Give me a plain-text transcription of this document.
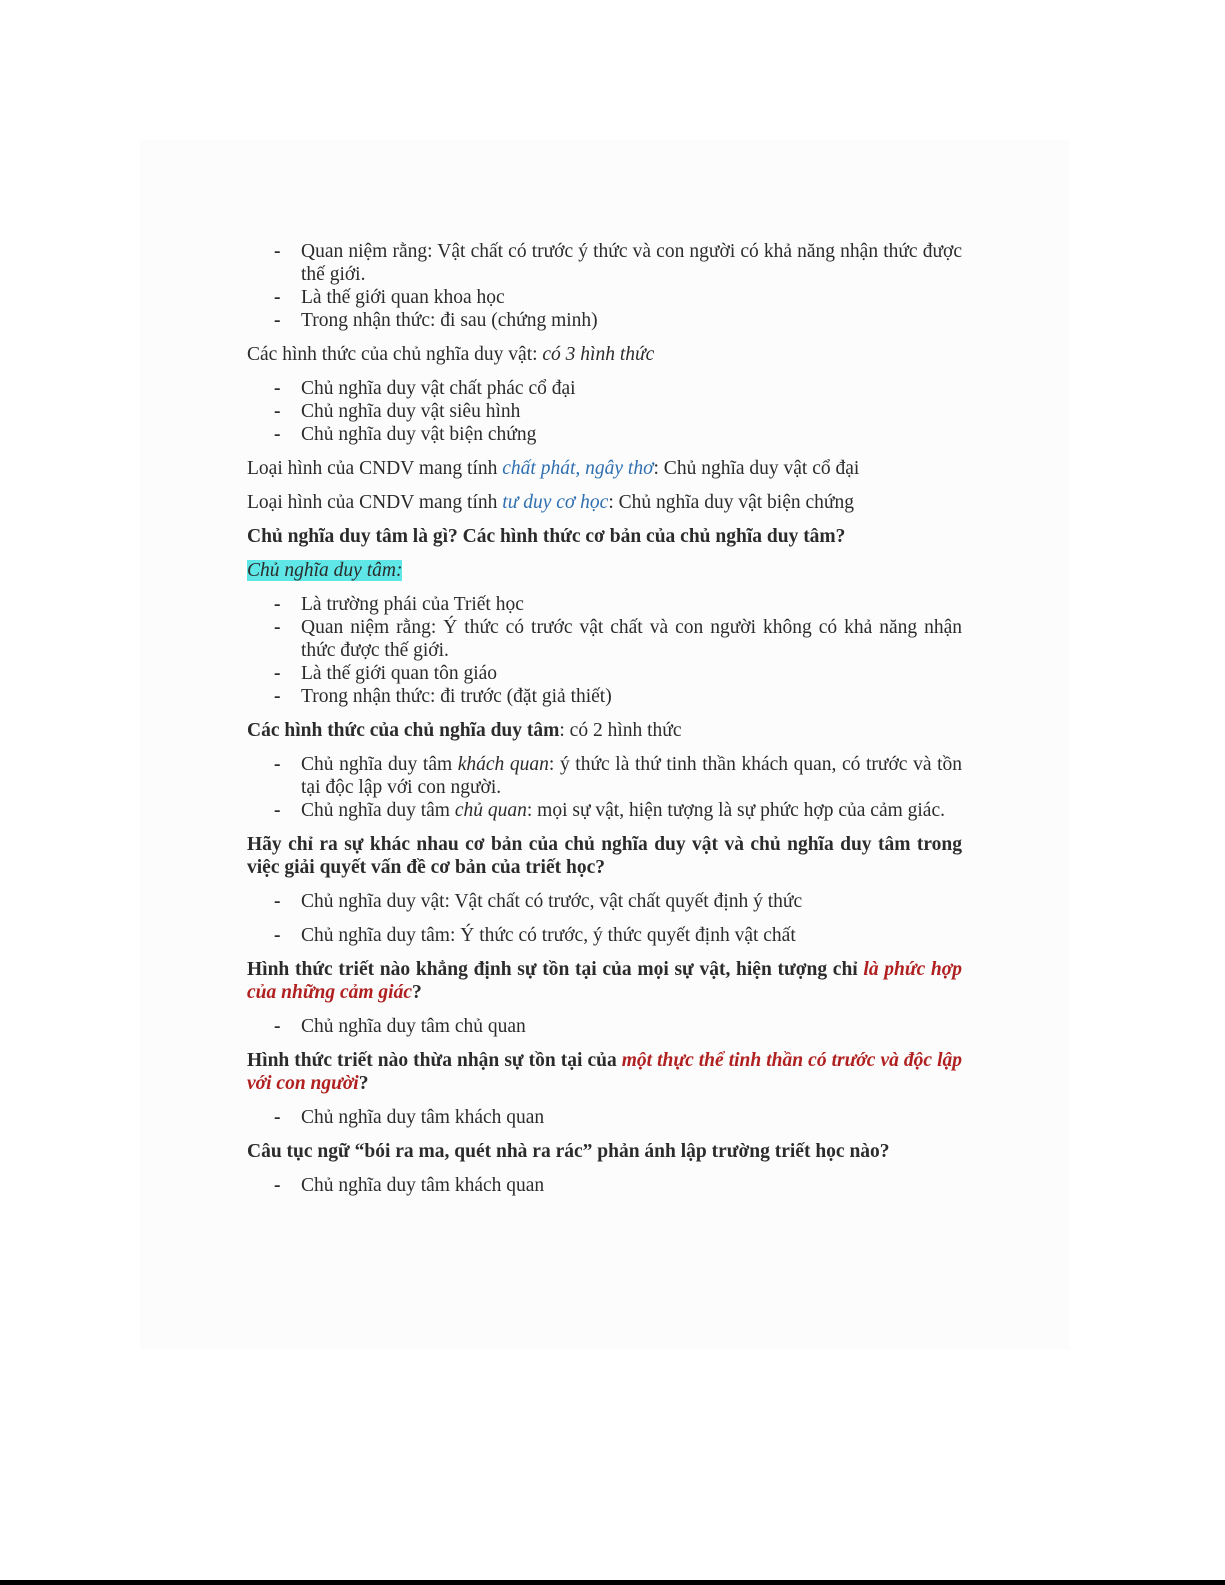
- Quan niệm rằng: Vật chất có trước ý thức và con người có khả năng nhận thức được thế giới.
- Là thế giới quan khoa học
- Trong nhận thức: đi sau (chứng minh)

Các hình thức của chủ nghĩa duy vật: có 3 hình thức

- Chủ nghĩa duy vật chất phác cổ đại
- Chủ nghĩa duy vật siêu hình
- Chủ nghĩa duy vật biện chứng

Loại hình của CNDV mang tính chất phát, ngây thơ: Chủ nghĩa duy vật cổ đại

Loại hình của CNDV mang tính tư duy cơ học: Chủ nghĩa duy vật biện chứng

Chủ nghĩa duy tâm là gì? Các hình thức cơ bản của chủ nghĩa duy tâm?

Chủ nghĩa duy tâm:

- Là trường phái của Triết học
- Quan niệm rằng: Ý thức có trước vật chất và con người không có khả năng nhận thức được thế giới.
- Là thế giới quan tôn giáo
- Trong nhận thức: đi trước (đặt giả thiết)

Các hình thức của chủ nghĩa duy tâm: có 2 hình thức

- Chủ nghĩa duy tâm khách quan: ý thức là thứ tinh thần khách quan, có trước và tồn tại độc lập với con người.
- Chủ nghĩa duy tâm chủ quan: mọi sự vật, hiện tượng là sự phức hợp của cảm giác.

Hãy chỉ ra sự khác nhau cơ bản của chủ nghĩa duy vật và chủ nghĩa duy tâm trong việc giải quyết vấn đề cơ bản của triết học?

- Chủ nghĩa duy vật: Vật chất có trước, vật chất quyết định ý thức
- Chủ nghĩa duy tâm: Ý thức có trước, ý thức quyết định vật chất

Hình thức triết nào khẳng định sự tồn tại của mọi sự vật, hiện tượng chỉ là phức hợp của những cảm giác?

- Chủ nghĩa duy tâm chủ quan

Hình thức triết nào thừa nhận sự tồn tại của một thực thể tinh thần có trước và độc lập với con người?

- Chủ nghĩa duy tâm khách quan

Câu tục ngữ “bói ra ma, quét nhà ra rác” phản ánh lập trường triết học nào?

- Chủ nghĩa duy tâm khách quan
